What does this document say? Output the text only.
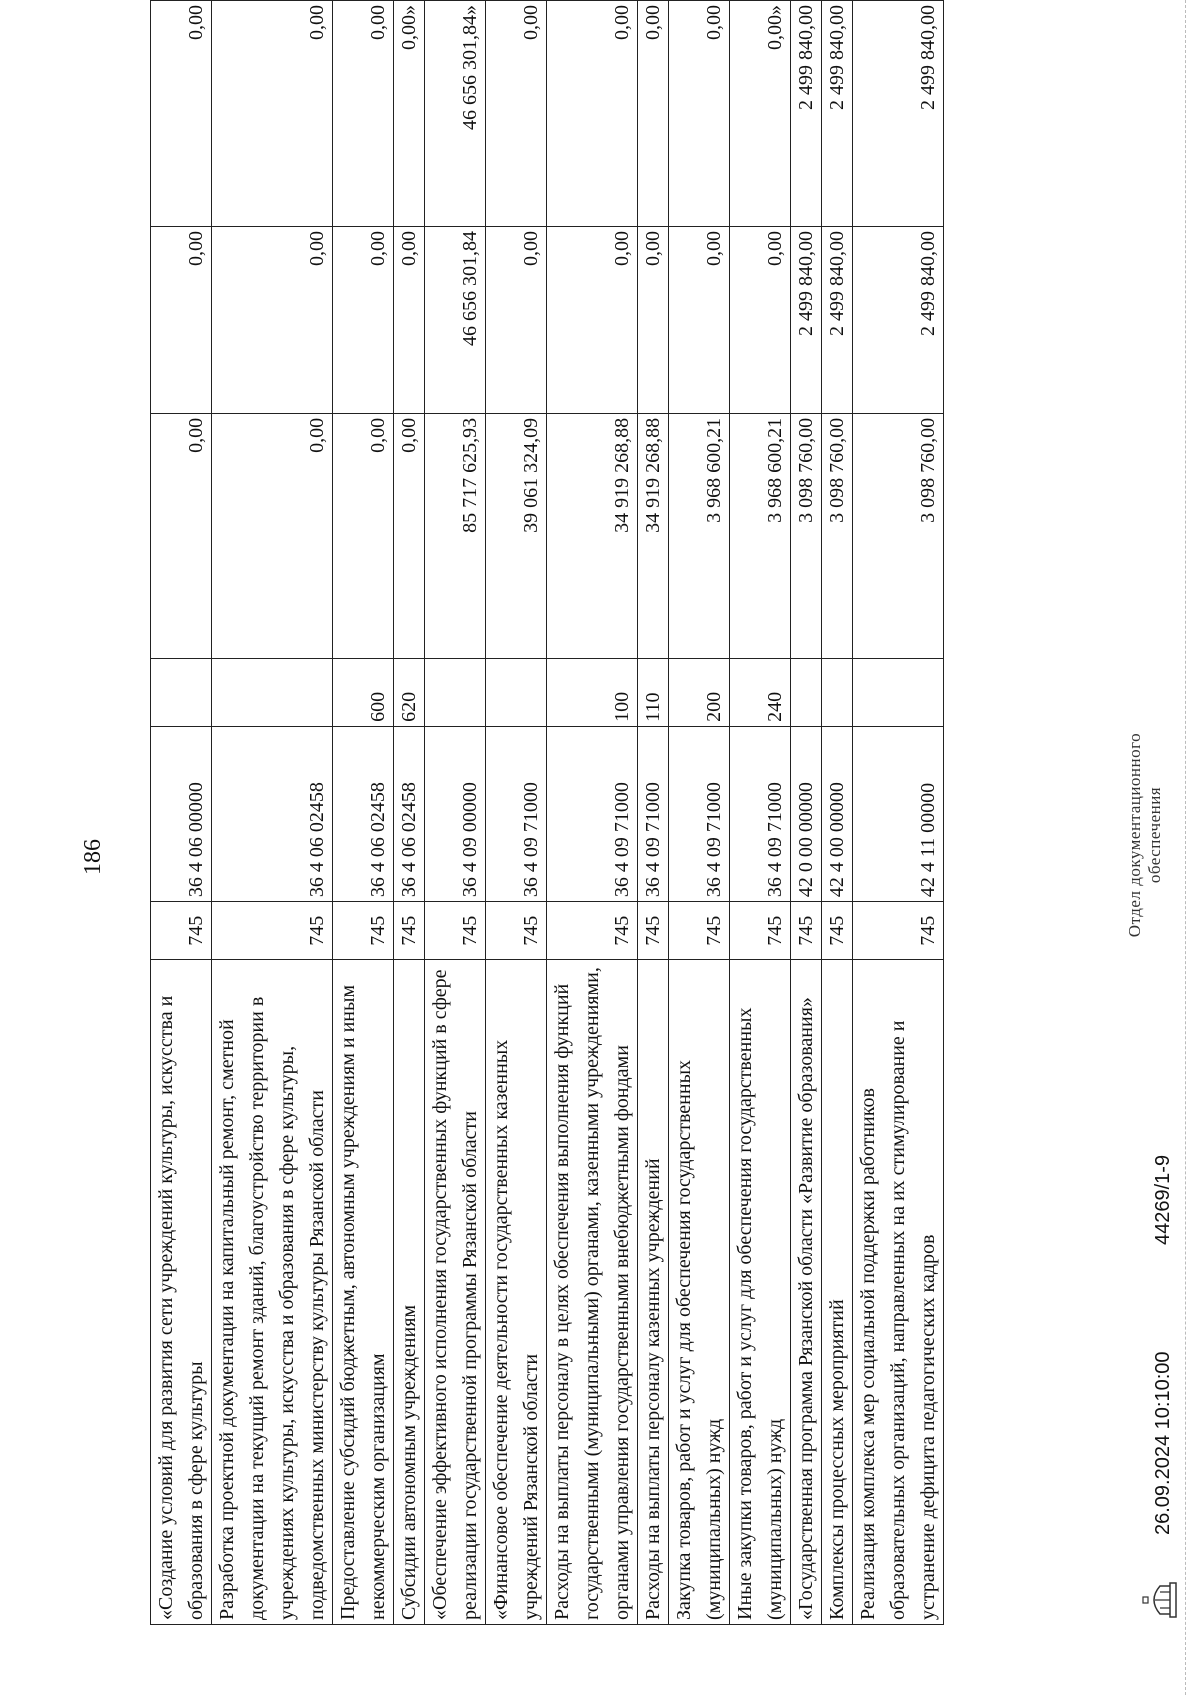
186
«Создание условий для развития сети учреждений культуры, искусства и образования в сфере культуры	745	36 4 06 00000		0,00	0,00	0,00
Разработка проектной документации на капитальный ремонт, сметной документации на текущий ремонт зданий, благоустройство территории в учреждениях культуры, искусства и образования в сфере культуры, подведомственных министерству культуры Рязанской области	745	36 4 06 02458		0,00	0,00	0,00
Предоставление субсидий бюджетным, автономным учреждениям и иным некоммерческим организациям	745	36 4 06 02458	600	0,00	0,00	0,00
Субсидии автономным учреждениям	745	36 4 06 02458	620	0,00	0,00	0,00»
«Обеспечение эффективного исполнения государственных функций в сфере реализации государственной программы Рязанской области	745	36 4 09 00000		85 717 625,93	46 656 301,84	46 656 301,84»
«Финансовое обеспечение деятельности государственных казенных учреждений Рязанской области	745	36 4 09 71000		39 061 324,09	0,00	0,00
Расходы на выплаты персоналу в целях обеспечения выполнения функций государственными (муниципальными) органами, казенными учреждениями, органами управления государственными внебюджетными фондами	745	36 4 09 71000	100	34 919 268,88	0,00	0,00
Расходы на выплаты персоналу казенных учреждений	745	36 4 09 71000	110	34 919 268,88	0,00	0,00
Закупка товаров, работ и услуг для обеспечения государственных (муниципальных) нужд	745	36 4 09 71000	200	3 968 600,21	0,00	0,00
Иные закупки товаров, работ и услуг для обеспечения государственных (муниципальных) нужд	745	36 4 09 71000	240	3 968 600,21	0,00	0,00»
«Государственная программа Рязанской области «Развитие образования»	745	42 0 00 00000		3 098 760,00	2 499 840,00	2 499 840,00
Комплексы процессных мероприятий	745	42 4 00 00000		3 098 760,00	2 499 840,00	2 499 840,00
Реализация комплекса мер социальной поддержки работников образовательных организаций, направленных на их стимулирование и устранение дефицита педагогических кадров	745	42 4 11 00000		3 098 760,00	2 499 840,00	2 499 840,00
26.09.2024 10:10:00
44269/1-9
Отдел документационного обеспечения
